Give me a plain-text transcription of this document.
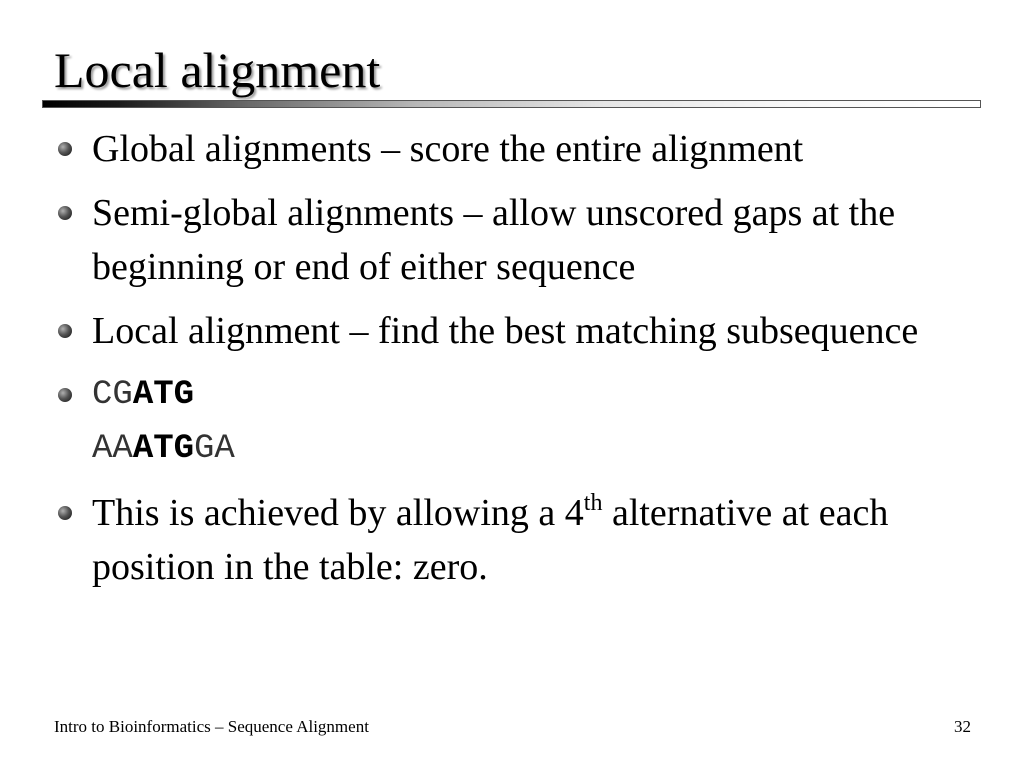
Local alignment
Global alignments – score the entire alignment
Semi-global alignments – allow unscored gaps at the beginning or end of either sequence
Local alignment – find the best matching subsequence
CGATG
AAATGGA
This is achieved by allowing a 4th alternative at each position in the table: zero.
Intro to Bioinformatics – Sequence Alignment	32
